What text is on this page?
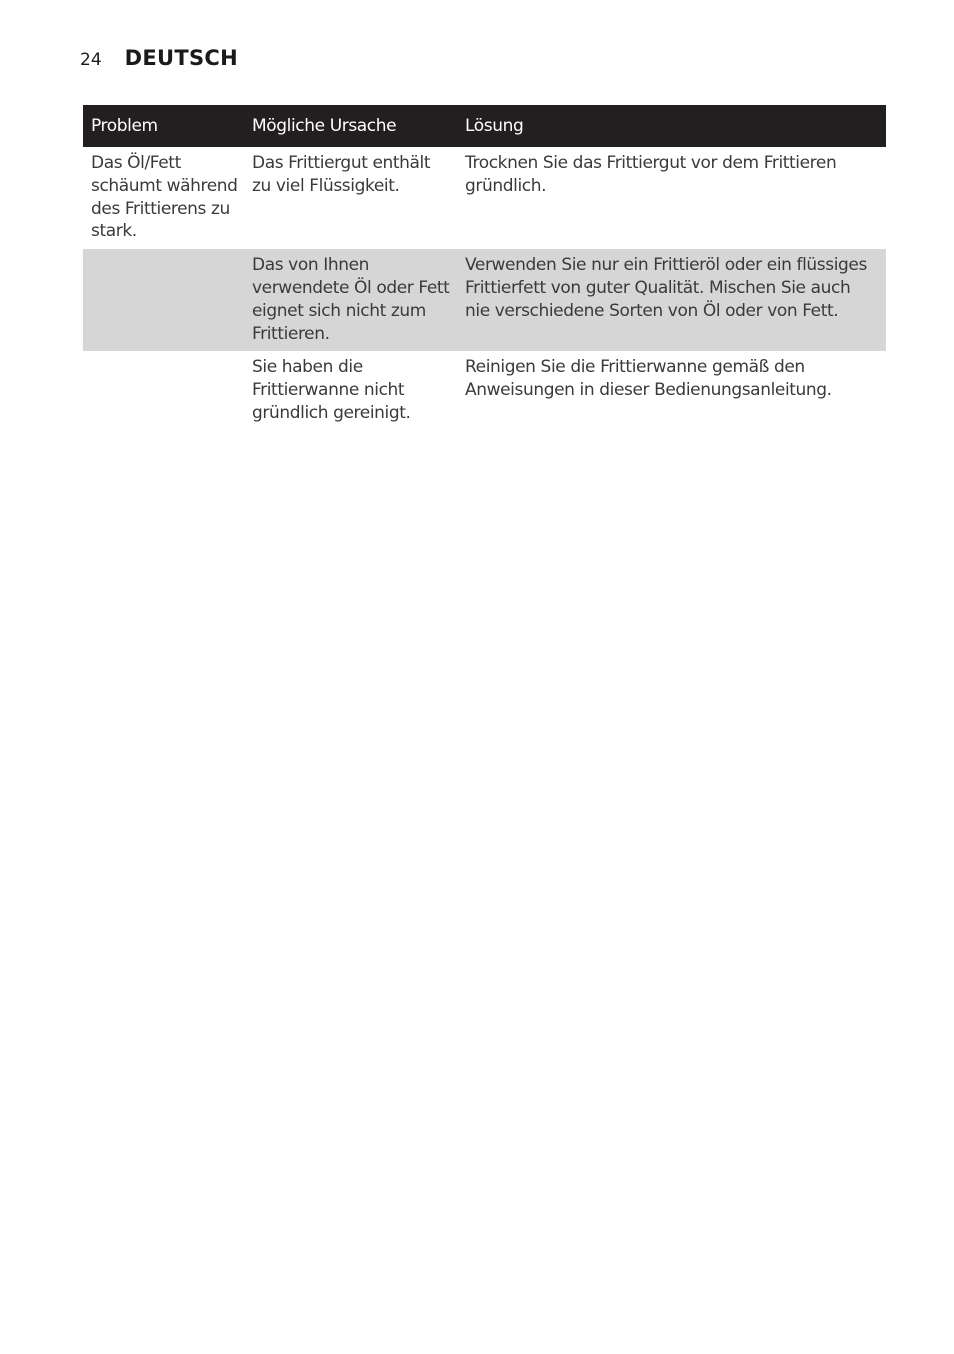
24 DEUTSCH
Problem	Mögliche Ursache	Lösung
Das Öl/Fett schäumt während des Frittierens zu stark.	Das Frittiergut enthält zu viel Flüssigkeit.	Trocknen Sie das Frittiergut vor dem Frittieren gründlich.
	Das von Ihnen verwendete Öl oder Fett eignet sich nicht zum Frittieren.	Verwenden Sie nur ein Frittieröl oder ein flüssiges Frittierfett von guter Qualität. Mischen Sie auch nie verschiedene Sorten von Öl oder von Fett.
	Sie haben die Frittierwanne nicht gründlich gereinigt.	Reinigen Sie die Frittierwanne gemäß den Anweisungen in dieser Bedienungsanleitung.
